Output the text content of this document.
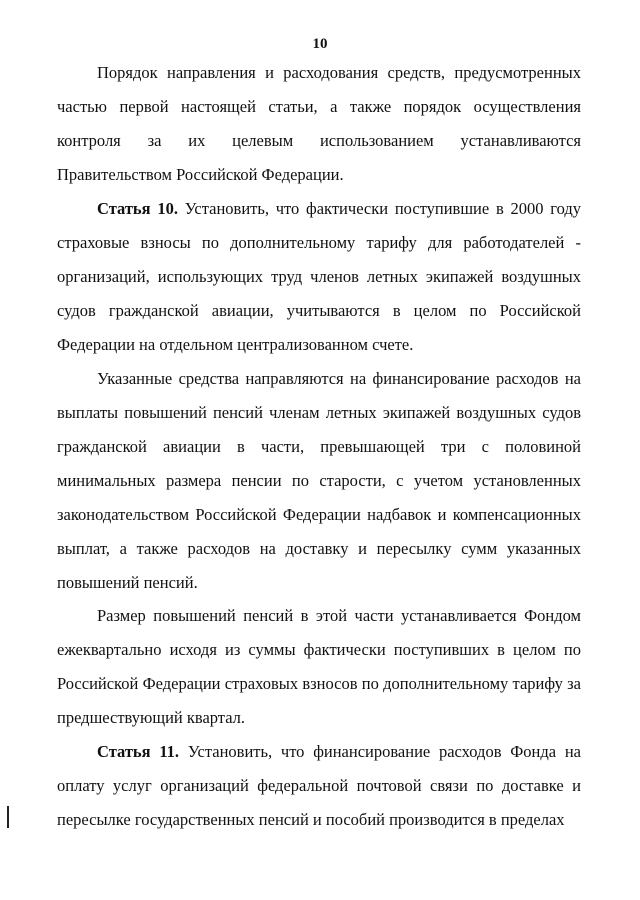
10

Порядок направления и расходования средств, предусмотренных частью первой настоящей статьи, а также порядок осуществления контроля за их целевым использованием устанавливаются Правительством Российской Федерации.

Статья 10. Установить, что фактически поступившие в 2000 году страховые взносы по дополнительному тарифу для работодателей - организаций, использующих труд членов летных экипажей воздушных судов гражданской авиации, учитываются в целом по Российской Федерации на отдельном централизованном счете.

Указанные средства направляются на финансирование расходов на выплаты повышений пенсий членам летных экипажей воздушных судов гражданской авиации в части, превышающей три с половиной минимальных размера пенсии по старости, с учетом установленных законодательством Российской Федерации надбавок и компенсационных выплат, а также расходов на доставку и пересылку сумм указанных повышений пенсий.

Размер повышений пенсий в этой части устанавливается Фондом ежеквартально исходя из суммы фактически поступивших в целом по Российской Федерации страховых взносов по дополнительному тарифу за предшествующий квартал.

Статья 11. Установить, что финансирование расходов Фонда на оплату услуг организаций федеральной почтовой связи по доставке и пересылке государственных пенсий и пособий производится в пределах
